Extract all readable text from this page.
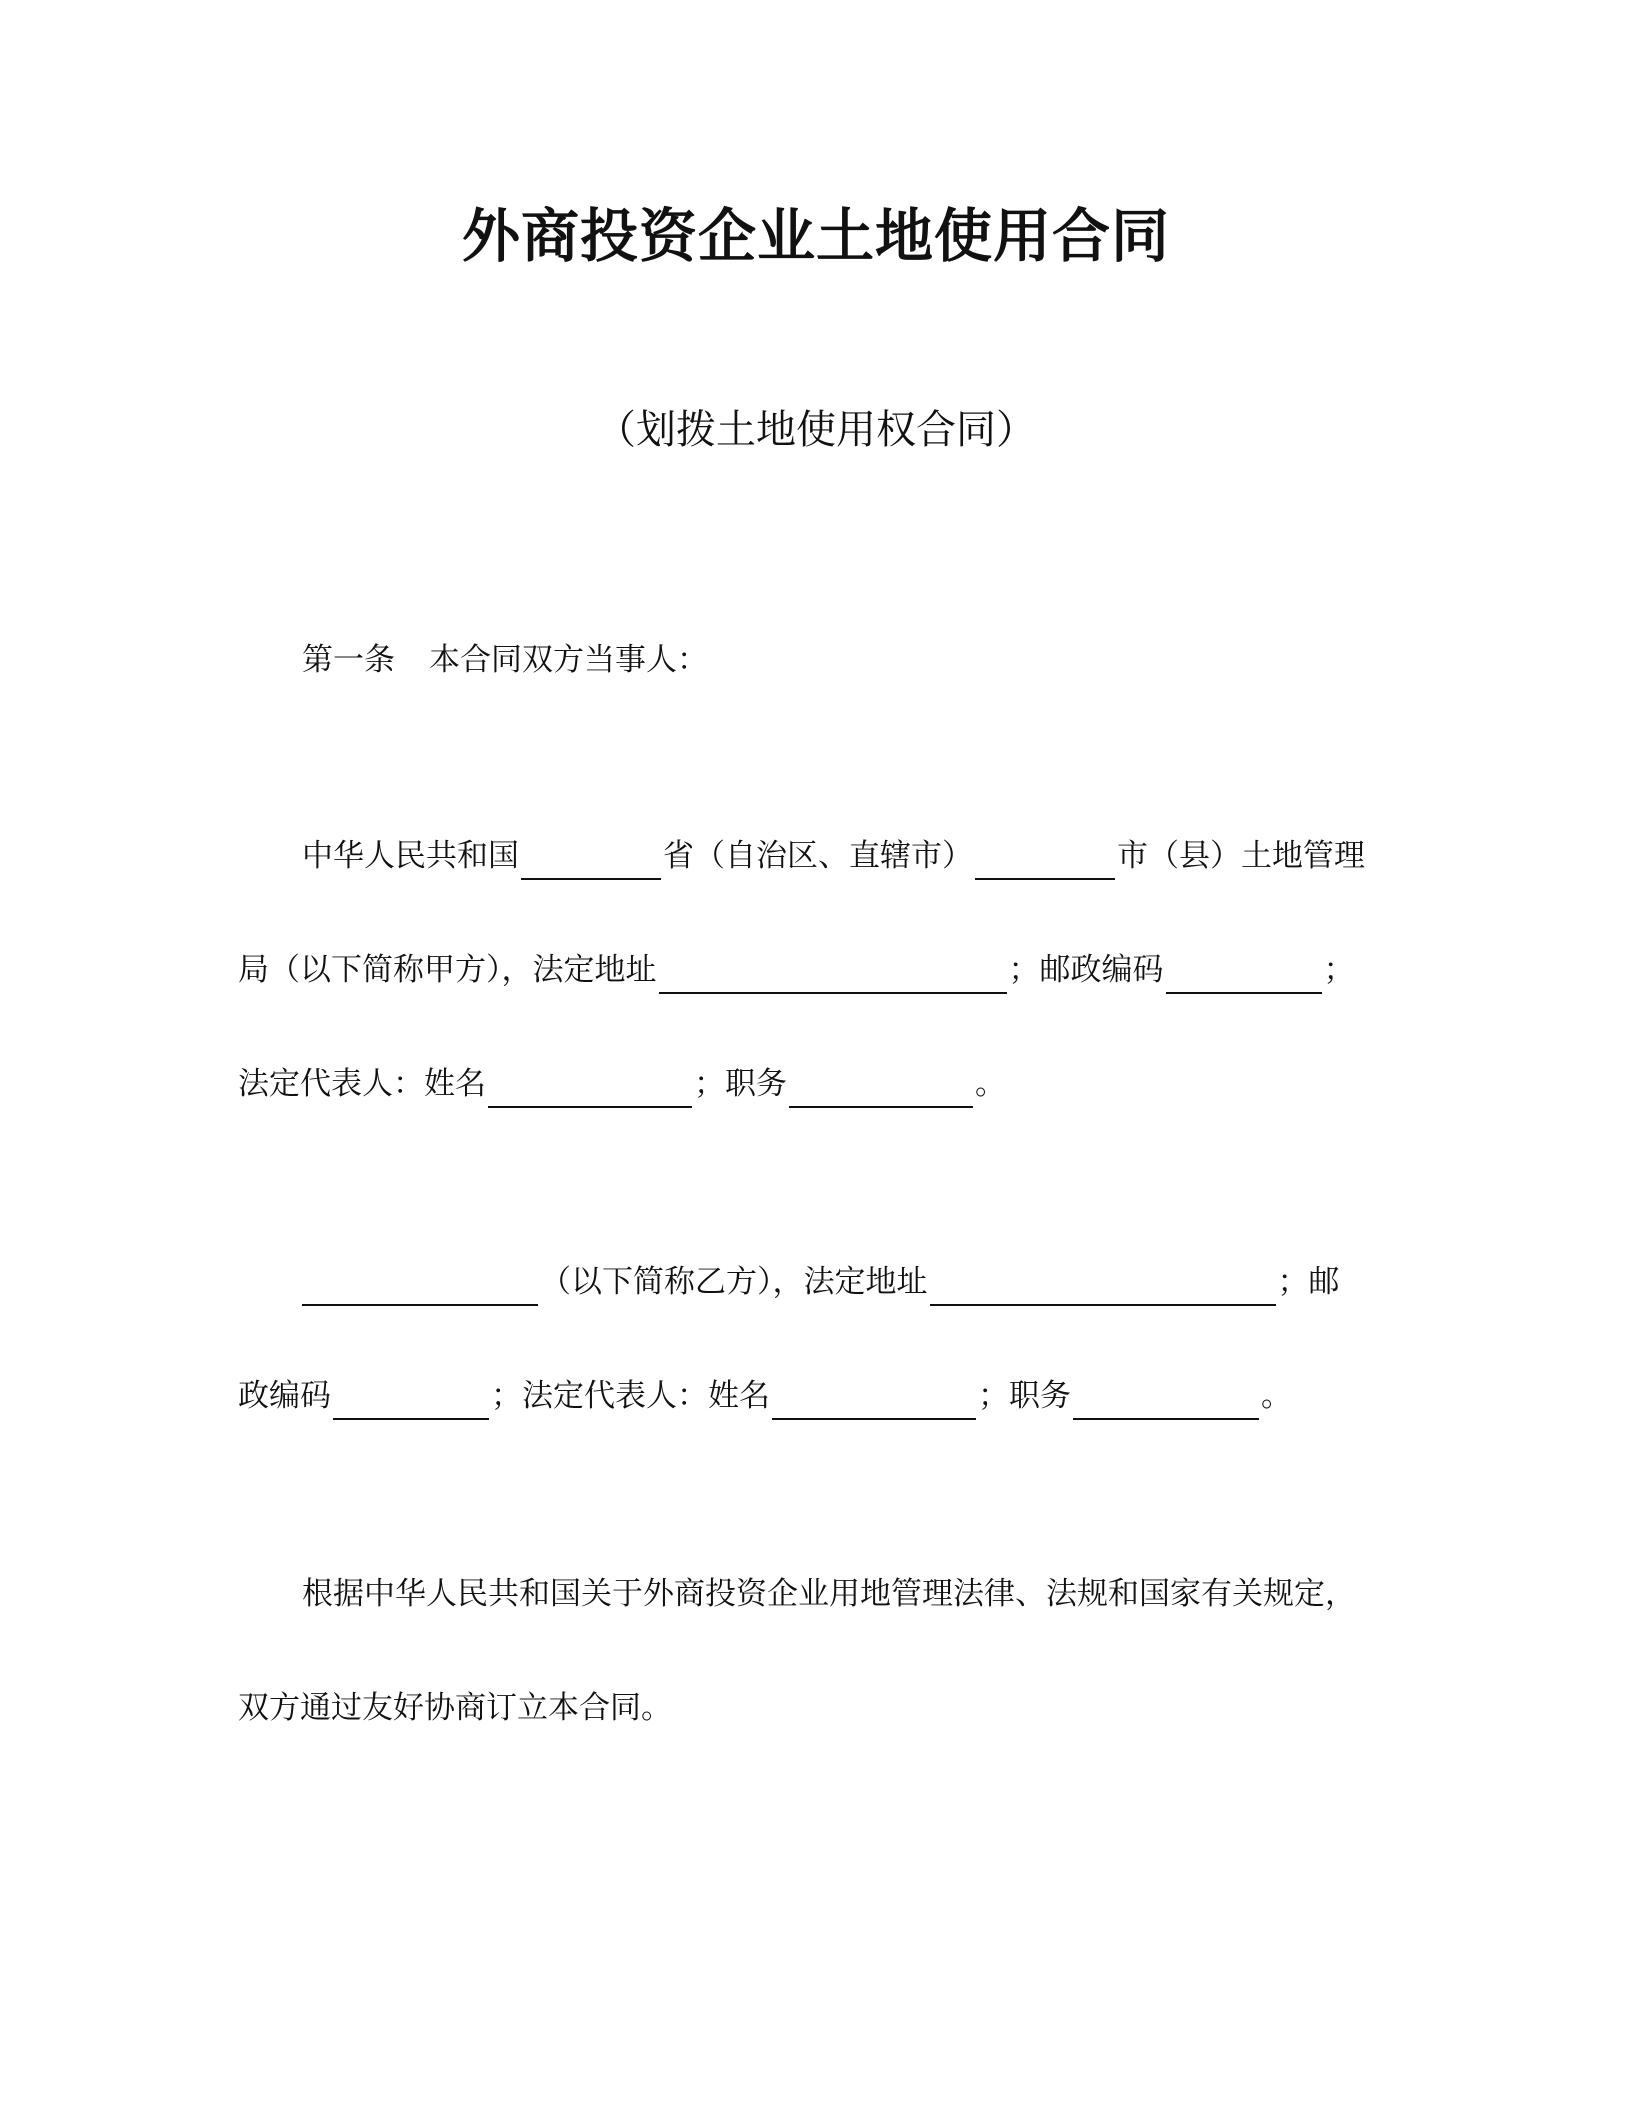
外商投资企业土地使用合同
（划拨土地使用权合同）
第一条 本合同双方当事人：
中华人民共和国	省（自治区、直辖市）	市（县）土地管理
局（以下简称甲方），法定地址	；邮政编码	；
法定代表人：姓名	；职务	。
（以下简称乙方），法定地址	；邮
政编码	；法定代表人：姓名	；职务	。
根据中华人民共和国关于外商投资企业用地管理法律、法规和国家有关规定，
双方通过友好协商订立本合同。
